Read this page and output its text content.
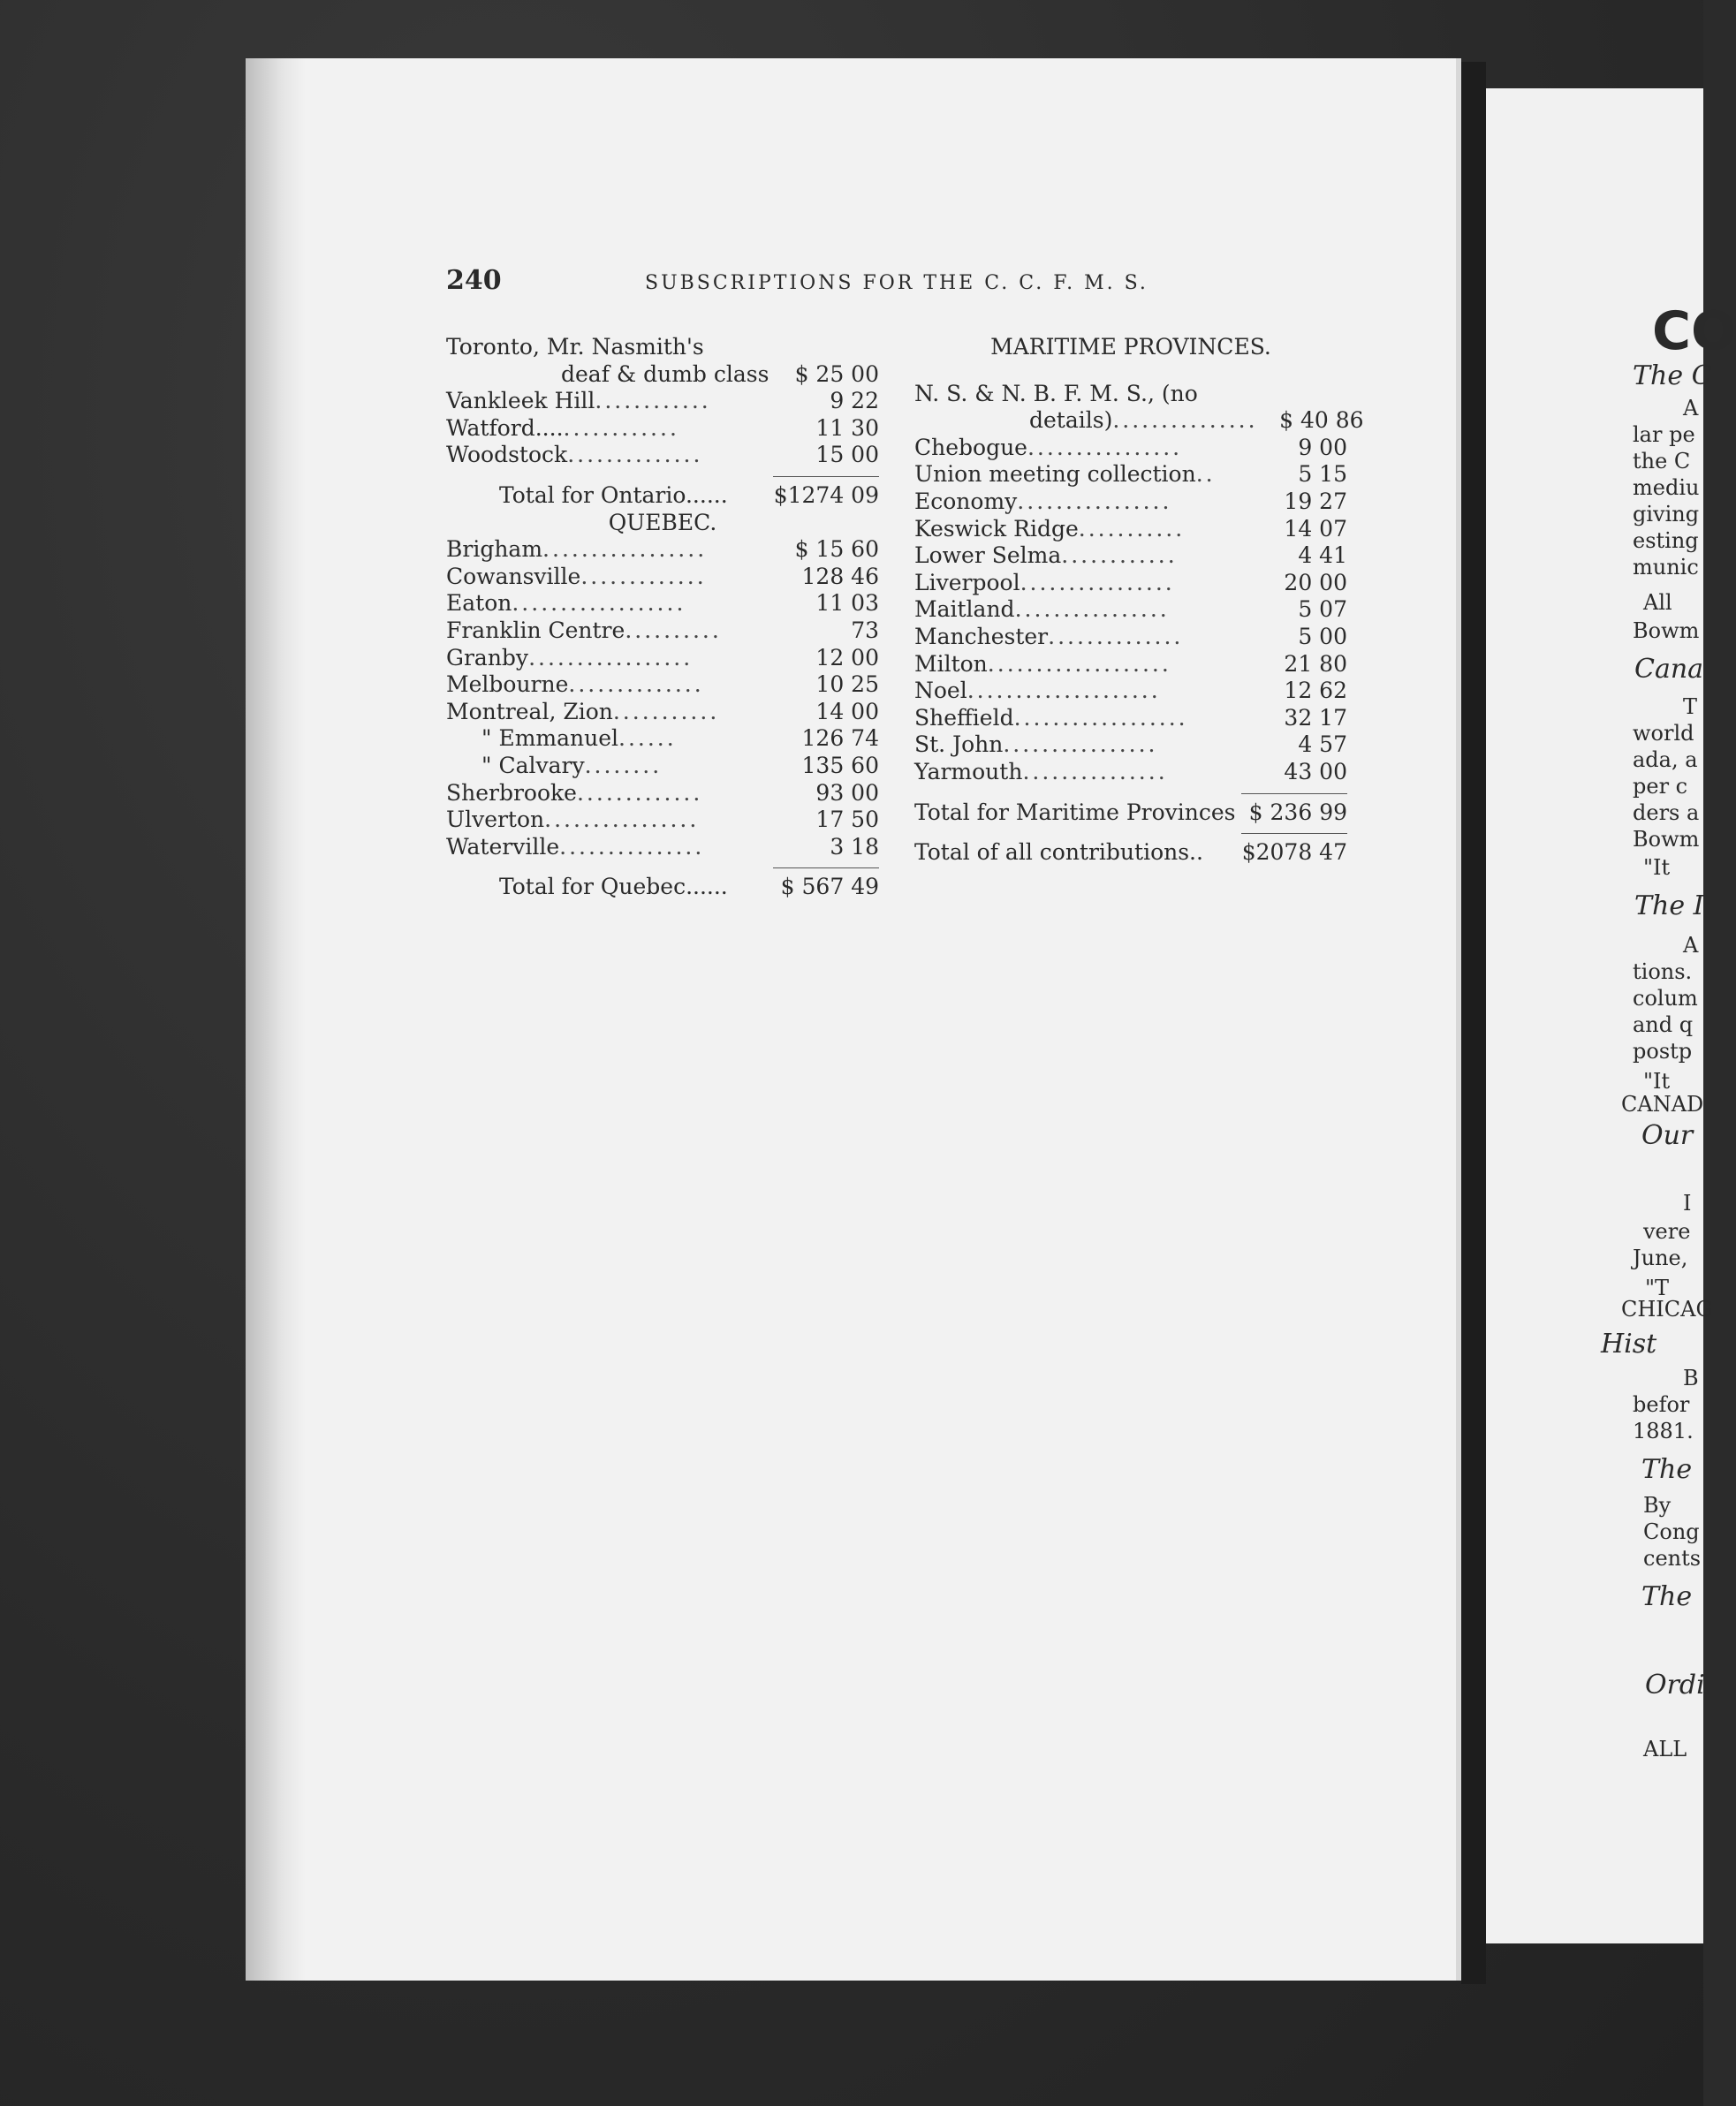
240	SUBSCRIPTIONS FOR THE C. C. F. M. S.
Toronto, Mr. Nasmith's
deaf & dumb class	$ 25 00
Vankleek Hill ............	9 22
Watford.... ............	11 30
Woodstock ..............	15 00
Total for Ontario...... $1274 09
QUEBEC.
Brigham .................	$ 15 60
Cowansville .............	128 46
Eaton ..................	11 03
Franklin Centre ..........	73
Granby .................	12 00
Melbourne ..............	10 25
Montreal, Zion ...........	14 00
" Emmanuel ......	126 74
" Calvary ........	135 60
Sherbrooke .............	93 00
Ulverton ................	17 50
Waterville ...............	3 18
Total for Quebec......	$ 567 49
MARITIME PROVINCES.
N. S. & N. B. F. M. S., (no
details) ............... $ 40 86
Chebogue ................	9 00
Union meeting collection ..	5 15
Economy ................	19 27
Keswick Ridge ...........	14 07
Lower Selma ............	4 41
Liverpool ................	20 00
Maitland ................	5 07
Manchester ..............	5 00
Milton ...................	21 80
Noel ....................	12 62
Sheffield ..................	32 17
St. John ................	4 57
Yarmouth ...............	43 00
Total for Maritime Provinces $ 236 99
Total of all contributions.. $2078 47
CO
The C
A
lar pe
the C
mediu
giving
esting
munic
All
Bowm
Cana
T
world
ada, a
per c
ders a
Bowm
"It
The I
A
tions.
colum
and q
postp
"It
CANAD
Our
I
vere
June,
"T
CHICAG
Hist
B
befor
1881.
The
By
Cong
cents
The
Ordi
ALL
